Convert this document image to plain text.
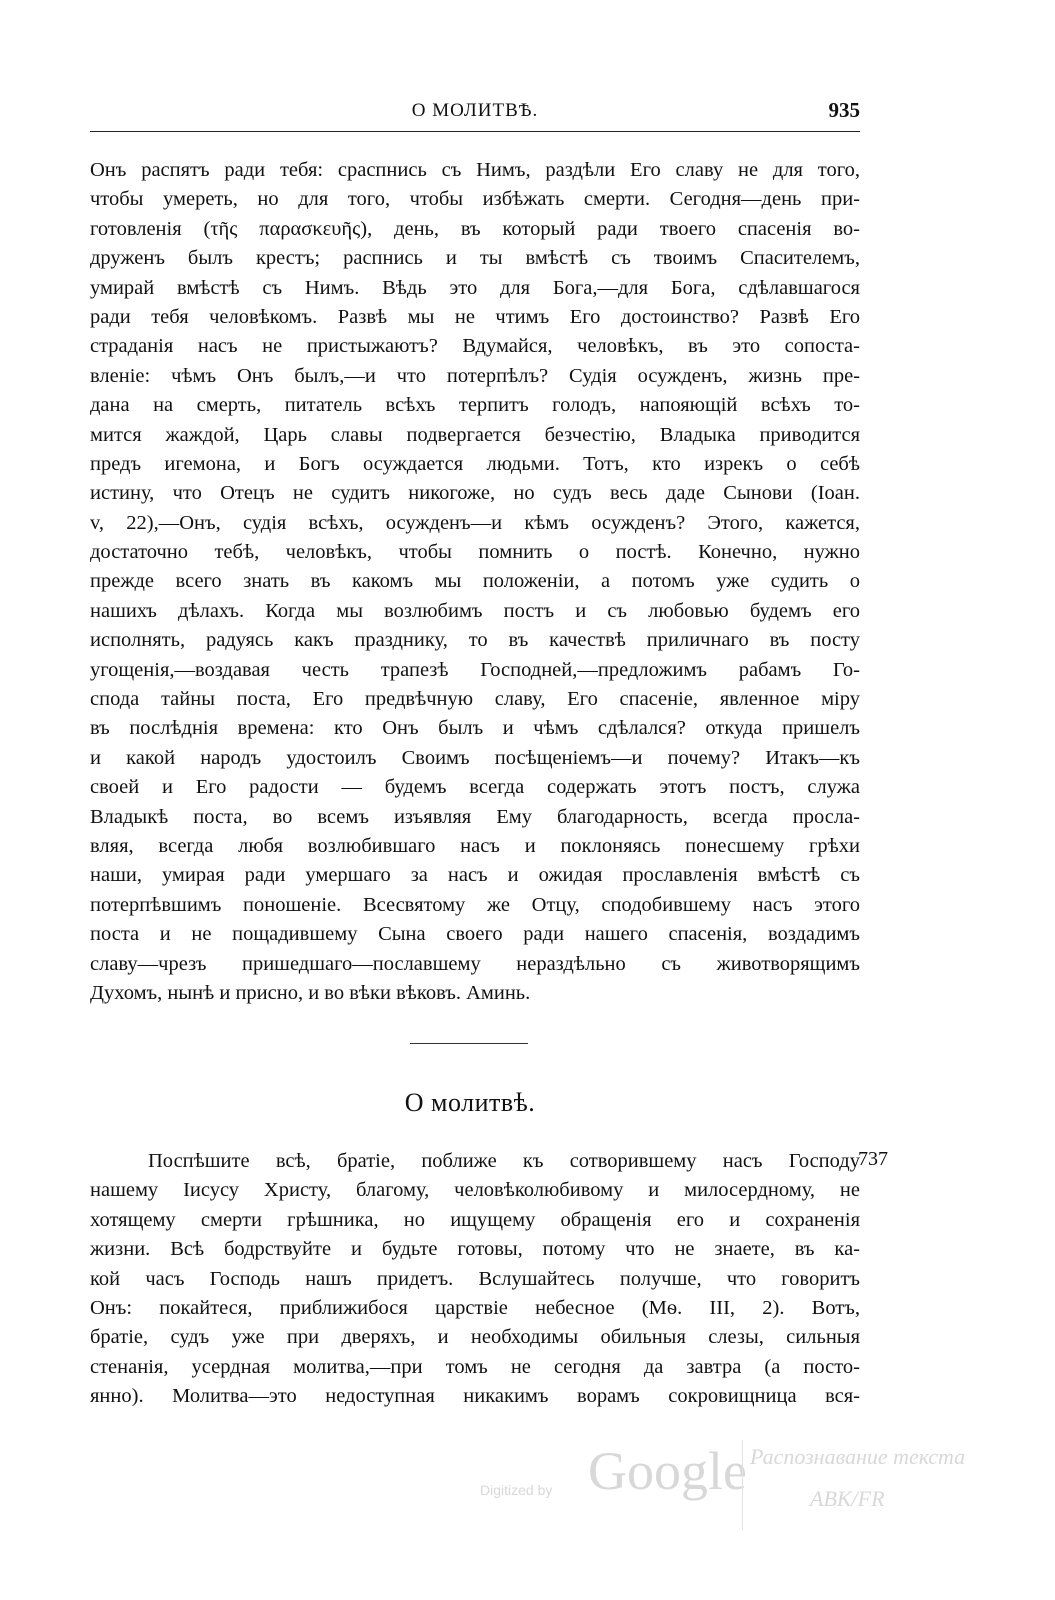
О МОЛИТВѢ.	935
Онъ распятъ ради тебя: сраспнись съ Нимъ, раздѣли Его славу не для того,
чтобы умереть, но для того, чтобы избѣжать смерти. Сегодня—день при-
готовленія (τῆς παρασκευῆς), день, въ который ради твоего спасенія во-
друженъ былъ крестъ; распнись и ты вмѣстѣ съ твоимъ Спасителемъ,
умирай вмѣстѣ съ Нимъ. Вѣдь это для Бога,—для Бога, сдѣлавшагося
ради тебя человѣкомъ. Развѣ мы не чтимъ Его достоинство? Развѣ Его
страданія насъ не пристыжаютъ? Вдумайся, человѣкъ, въ это сопоста-
вленіе: чѣмъ Онъ былъ,—и что потерпѣлъ? Судія осужденъ, жизнь пре-
дана на смерть, питатель всѣхъ терпитъ голодъ, напояющій всѣхъ то-
мится жаждой, Царь славы подвергается безчестію, Владыка приводится
предъ игемона, и Богъ осуждается людьми. Тотъ, кто изрекъ о себѣ
истину, что Отецъ не судитъ никогоже, но судъ весь даде Сынови (Іоан.
v, 22),—Онъ, судія всѣхъ, осужденъ—и кѣмъ осужденъ? Этого, кажется,
достаточно тебѣ, человѣкъ, чтобы помнить о постѣ. Конечно, нужно
прежде всего знать въ какомъ мы положеніи, а потомъ уже судить о
нашихъ дѣлахъ. Когда мы возлюбимъ постъ и съ любовью будемъ его
исполнять, радуясь какъ празднику, то въ качествѣ приличнаго въ посту
угощенія,—воздавая честь трапезѣ Господней,—предложимъ рабамъ Го-
спода тайны поста, Его предвѣчную славу, Его спасеніе, явленное міру
въ послѣднія времена: кто Онъ былъ и чѣмъ сдѣлался? откуда пришелъ
и какой народъ удостоилъ Своимъ посѣщеніемъ—и почему? Итакъ—къ
своей и Его радости — будемъ всегда содержать этотъ постъ, служа
Владыкѣ поста, во всемъ изъявляя Ему благодарность, всегда просла-
вляя, всегда любя возлюбившаго насъ и поклоняясь понесшему грѣхи
наши, умирая ради умершаго за насъ и ожидая прославленія вмѣстѣ съ
потерпѣвшимъ поношеніе. Всесвятому же Отцу, сподобившему насъ этого
поста и не пощадившему Сына своего ради нашего спасенія, воздадимъ
славу—чрезъ пришедшаго—пославшему нераздѣльно съ животворящимъ
Духомъ, нынѣ и присно, и во вѣки вѣковъ. Аминь.
О молитвѣ.
737
Поспѣшите всѣ, братіе, поближе къ сотворившему насъ Господу
нашему Іисусу Христу, благому, человѣколюбивому и милосердному, не
хотящему смерти грѣшника, но ищущему обращенія его и сохраненія
жизни. Всѣ бодрствуйте и будьте готовы, потому что не знаете, въ ка-
кой часъ Господь нашъ придетъ. Вслушайтесь получше, что говоритъ
Онъ: покайтеся, приближибося царствіе небесное (Мѳ. III, 2). Вотъ,
братіе, судъ уже при дверяхъ, и необходимы обильныя слезы, сильныя
стенанія, усердная молитва,—при томъ не сегодня да завтра (а посто-
янно). Молитва—это недоступная никакимъ ворамъ сокровищница вся-
Digitized by Google Распознавание текста
ABK/FR
